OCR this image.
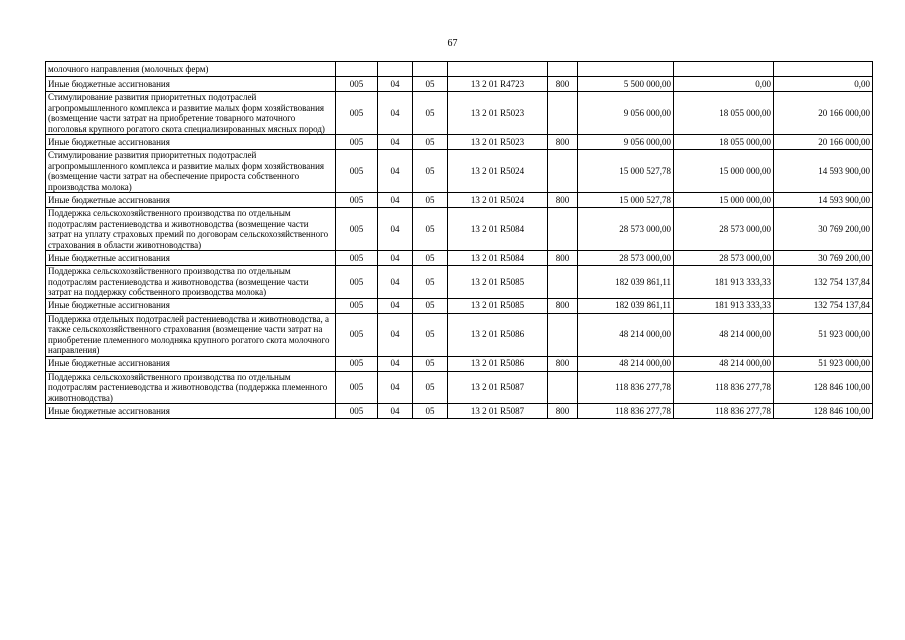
67
молочного направления (молочных ферм)								
Иные бюджетные ассигнования	005	04	05	13 2 01 R4723	800	5 500 000,00	0,00	0,00
Стимулирование развития приоритетных подотраслей агропромышленного комплекса и развитие малых форм хозяйствования (возмещение части затрат на приобретение товарного маточного поголовья крупного рогатого скота специализированных мясных пород)	005	04	05	13 2 01 R5023		9 056 000,00	18 055 000,00	20 166 000,00
Иные бюджетные ассигнования	005	04	05	13 2 01 R5023	800	9 056 000,00	18 055 000,00	20 166 000,00
Стимулирование развития приоритетных подотраслей агропромышленного комплекса и развитие малых форм хозяйствования (возмещение части затрат на обеспечение прироста собственного производства молока)	005	04	05	13 2 01 R5024		15 000 527,78	15 000 000,00	14 593 900,00
Иные бюджетные ассигнования	005	04	05	13 2 01 R5024	800	15 000 527,78	15 000 000,00	14 593 900,00
Поддержка сельскохозяйственного производства по отдельным подотраслям растениеводства и животноводства (возмещение части затрат на уплату страховых премий по договорам сельскохозяйственного страхования в области животноводства)	005	04	05	13 2 01 R5084		28 573 000,00	28 573 000,00	30 769 200,00
Иные бюджетные ассигнования	005	04	05	13 2 01 R5084	800	28 573 000,00	28 573 000,00	30 769 200,00
Поддержка сельскохозяйственного производства по отдельным подотраслям растениеводства и животноводства (возмещение части затрат на поддержку собственного производства молока)	005	04	05	13 2 01 R5085		182 039 861,11	181 913 333,33	132 754 137,84
Иные бюджетные ассигнования	005	04	05	13 2 01 R5085	800	182 039 861,11	181 913 333,33	132 754 137,84
Поддержка отдельных подотраслей растениеводства и животноводства, а также сельскохозяйственного страхования (возмещение части затрат на приобретение племенного молодняка крупного рогатого скота молочного направления)	005	04	05	13 2 01 R5086		48 214 000,00	48 214 000,00	51 923 000,00
Иные бюджетные ассигнования	005	04	05	13 2 01 R5086	800	48 214 000,00	48 214 000,00	51 923 000,00
Поддержка сельскохозяйственного производства по отдельным подотраслям растениеводства и животноводства (поддержка племенного животноводства)	005	04	05	13 2 01 R5087		118 836 277,78	118 836 277,78	128 846 100,00
Иные бюджетные ассигнования	005	04	05	13 2 01 R5087	800	118 836 277,78	118 836 277,78	128 846 100,00
